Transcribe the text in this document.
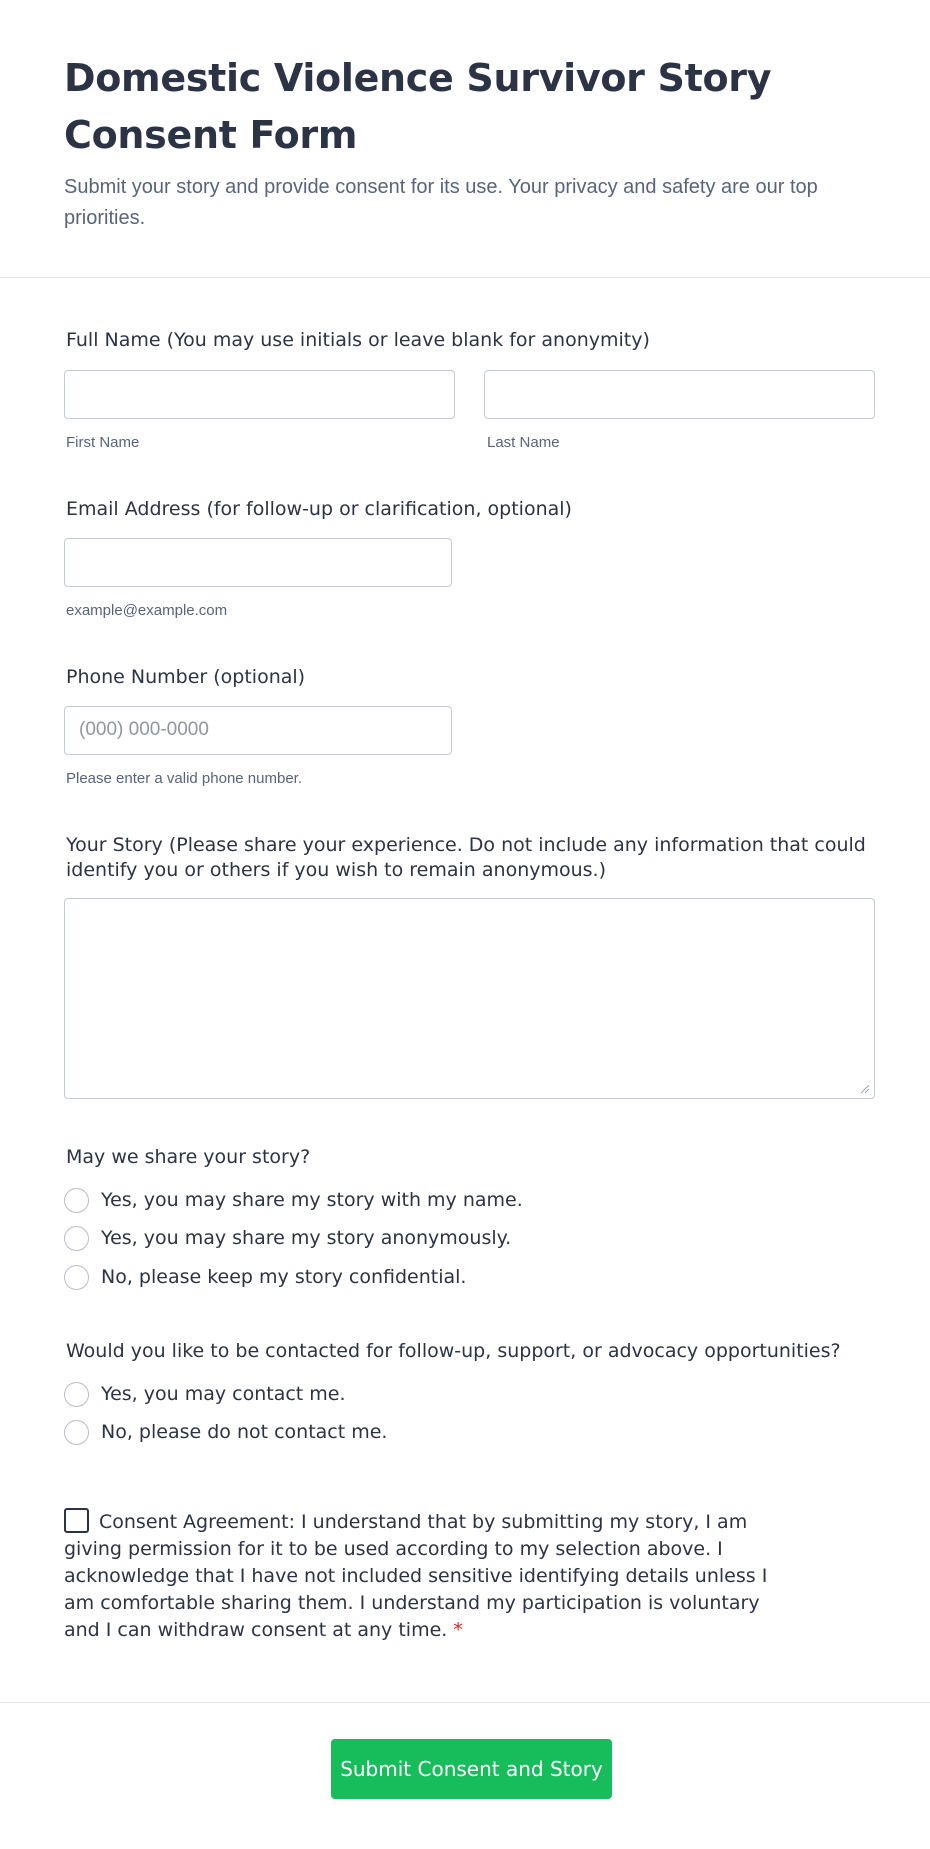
Domestic Violence Survivor Story Consent Form
Submit your story and provide consent for its use. Your privacy and safety are our top priorities.
Full Name (You may use initials or leave blank for anonymity)
First Name	Last Name
Email Address (for follow-up or clarification, optional)
example@example.com
Phone Number (optional)
(000) 000-0000
Please enter a valid phone number.
Your Story (Please share your experience. Do not include any information that could identify you or others if you wish to remain anonymous.)
May we share your story?
Yes, you may share my story with my name.
Yes, you may share my story anonymously.
No, please keep my story confidential.
Would you like to be contacted for follow-up, support, or advocacy opportunities?
Yes, you may contact me.
No, please do not contact me.
Consent Agreement: I understand that by submitting my story, I am giving permission for it to be used according to my selection above. I acknowledge that I have not included sensitive identifying details unless I am comfortable sharing them. I understand my participation is voluntary and I can withdraw consent at any time. *
Submit Consent and Story
